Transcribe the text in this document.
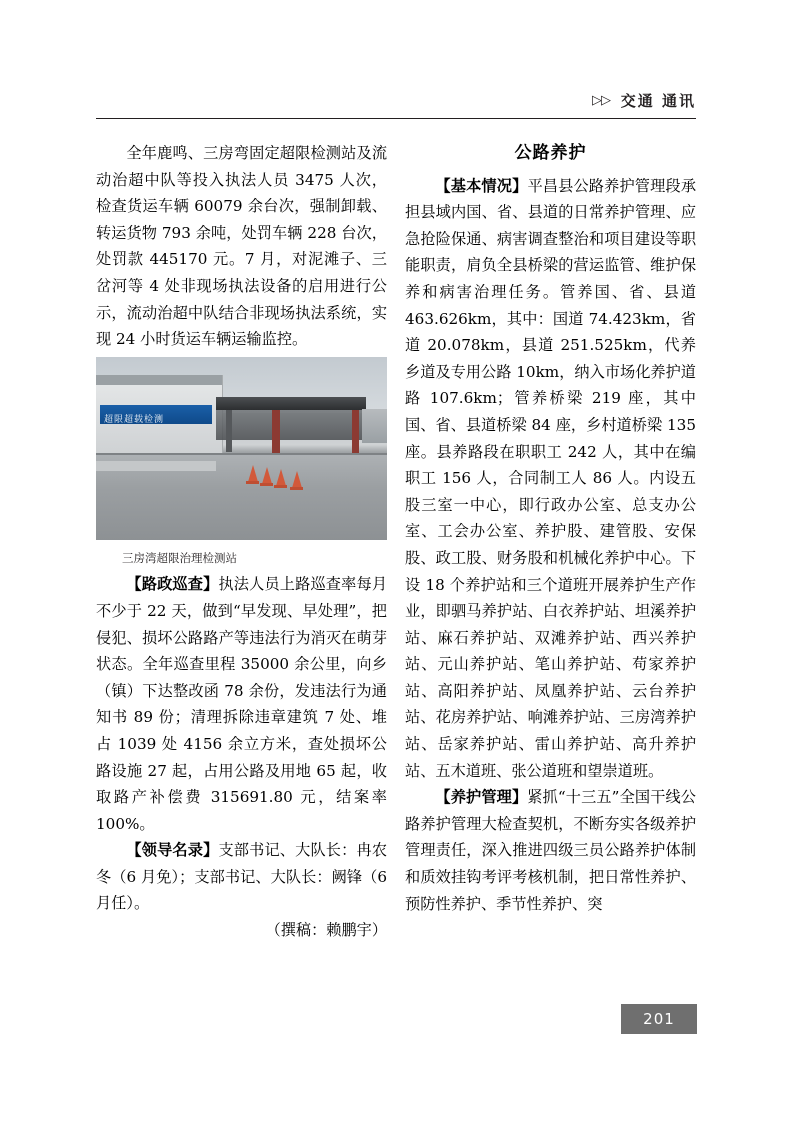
▷▷ 交通 通讯

全年鹿鸣、三房弯固定超限检测站及流动治超中队等投入执法人员 3475 人次，检查货运车辆 60079 余台次，强制卸载、转运货物 793 余吨，处罚车辆 228 台次，处罚款 445170 元。7 月，对泥滩子、三岔河等 4 处非现场执法设备的启用进行公示，流动治超中队结合非现场执法系统，实现 24 小时货运车辆运输监控。

超限超载检测
三房湾超限治理检测站

【路政巡查】执法人员上路巡查率每月不少于 22 天，做到“早发现、早处理”，把侵犯、损坏公路路产等违法行为消灭在萌芽状态。全年巡查里程 35000 余公里，向乡（镇）下达整改函 78 余份，发违法行为通知书 89 份；清理拆除违章建筑 7 处、堆占 1039 处 4156 余立方米，查处损坏公路设施 27 起，占用公路及用地 65 起，收取路产补偿费 315691.80 元，结案率 100%。

【领导名录】支部书记、大队长：冉农冬（6 月免）；支部书记、大队长：阙锋（6 月任）。

（撰稿：赖鹏宇）

公路养护

【基本情况】平昌县公路养护管理段承担县域内国、省、县道的日常养护管理、应急抢险保通、病害调查整治和项目建设等职能职责，肩负全县桥梁的营运监管、维护保养和病害治理任务。管养国、省、县道 463.626km，其中：国道 74.423km，省道 20.078km，县道 251.525km，代养乡道及专用公路 10km，纳入市场化养护道路 107.6km；管养桥梁 219 座，其中国、省、县道桥梁 84 座，乡村道桥梁 135 座。县养路段在职职工 242 人，其中在编职工 156 人，合同制工人 86 人。内设五股三室一中心，即行政办公室、总支办公室、工会办公室、养护股、建管股、安保股、政工股、财务股和机械化养护中心。下设 18 个养护站和三个道班开展养护生产作业，即驷马养护站、白衣养护站、坦溪养护站、麻石养护站、双滩养护站、西兴养护站、元山养护站、笔山养护站、苟家养护站、高阳养护站、凤凰养护站、云台养护站、花房养护站、响滩养护站、三房湾养护站、岳家养护站、雷山养护站、高升养护站、五木道班、张公道班和望崇道班。

【养护管理】紧抓“十三五”全国干线公路养护管理大检查契机，不断夯实各级养护管理责任，深入推进四级三员公路养护体制和质效挂钩考评考核机制，把日常性养护、预防性养护、季节性养护、突

201
